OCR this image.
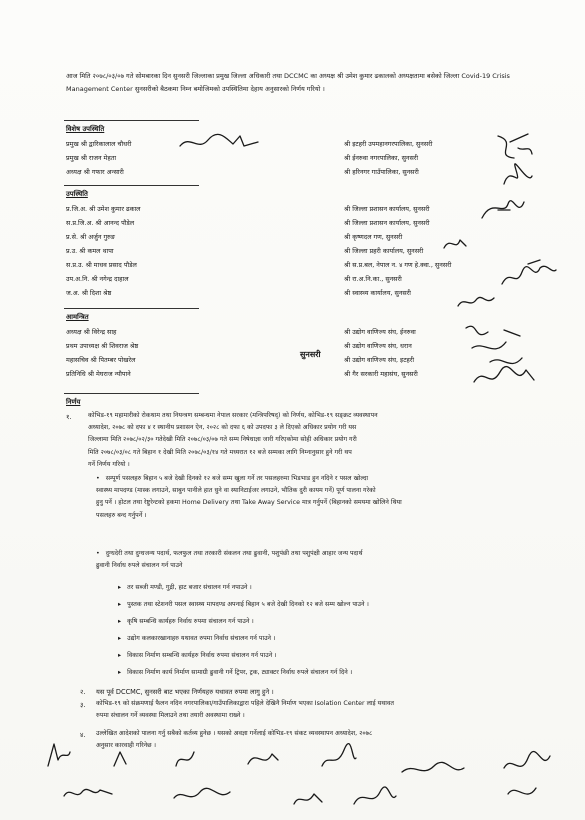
आज मिति २०७८/०३/०७ गते सोमबारका दिन सुनसरी जिल्लाका प्रमुख जिल्ला अधिकारी तथा DCCMC का अध्यक्ष श्री उमेश कुमार ढकालको अध्यक्षतामा बसेको जिल्ला Covid-19 Crisis Management Center सुनसरीको बैठकमा निम्न बमोजिमको उपस्थितिमा देहाय अनुसारको निर्णय गरियो ।
विशेष उपस्थिति
प्रमुख श्री द्वारिकालाल चौधरी	श्री इटहरी उपमहानगरपालिका, सुनसरी
प्रमुख श्री राजन मेहता	श्री ईनरुवा नगरपालिका, सुनसरी
अध्यक्ष श्री गफार अन्सारी	श्री हरिनगर गाउँपालिका, सुनसरी
उपस्थिति
प्र.जि.अ. श्री उमेश कुमार ढकाल	श्री जिल्ला प्रशासन कार्यालय, सुनसरी
स.प्र.जि.अ. श्री आनन्द पौडेल	श्री जिल्ला प्रशासन कार्यालय, सुनसरी
प्र.से. श्री अर्जुन गुरुङ	श्री कृष्णदल गण, सुनसरी
प्र.उ. श्री कमल थापा	श्री जिल्ला प्रहरी कार्यालय, सुनसरी
स.प्र.उ. श्री माधव प्रसाद पौडेल	श्री स.प्र.बल, नेपाल न. ४ गण हे.क्वा., सुनसरी
उप.अ.नि. श्री नगेन्द्र दाहाल	श्री रा.अ.नि.का., सुनसरी
ज.अ. श्री दिशा श्रेष्ठ	श्री स्वास्थ्य कार्यालय, सुनसरी
आमन्त्रित
अध्यक्ष श्री विरेन्द्र साह	श्री उद्योग वाणिज्य संघ, ईनरुवा
प्रथम उपाध्यक्ष श्री शिवराज श्रेष्ठ	श्री उद्योग वाणिज्य संघ, धरान
महासचिव श्री पितम्बर पोखरेल	श्री उद्योग वाणिज्य संघ, इटहरी
प्रतिनिधि श्री मेघराज न्यौपाने	श्री गैर सरकारी महासंघ, सुनसरी
सुनसरी
निर्णय
१.	कोभिड-१९ महामारीको रोकथाम तथा नियन्त्रण सम्बन्धमा नेपाल सरकार (मन्त्रिपरिषद्) को निर्णय, कोभिड-१९ सङ्क्रट व्यवस्थापन
अध्यादेश, २०७८ को दफा ४ र स्थानीय प्रशासन ऐन, २०२८ को दफा ६ को उपदफा ३ ले दिएको अधिकार प्रयोग गरी यस
जिल्लामा मिति २०७८/०२/३० गतेदेखी मिति २०७८/०३/०७ गते सम्म निषेधाज्ञा जारी गरिएकोमा सोही अधिकार प्रयोग गरी
मिति २०७८/०३/०८ गते बिहान १ देखी मिति २०७८/०३/१४ गते मध्यरात १२ बजे सम्मका लागि निम्नानुसार हुने गरी थप
गर्ने निर्णय गरियो ।
• सम्पूर्ण पसलहरु बिहान ५ बजे देखी दिनको १२ बजे सम्म खुला गर्ने तर पसलहरुमा भिडभाड हुन नदिने र पसल खोल्दा
स्वास्थ्य मापदण्ड (मास्क लगाउने, साबुन पानीले हात धुने वा स्यानिटाईजर लगाउने, भौतिक दुरी कायम गर्ने) पूर्ण पालना गरेको
हुनु पर्ने । होटल तथा रेष्टुरेन्टको हकमा Home Delivery तथा Take Away Service मात्र गर्नुपर्ने (बिहानको समयमा खोलिने थिया
पसलहरु बन्द गर्नुपर्ने ।
• दुग्धदेरी तथा दुग्धजन्य पदार्थ, फलफुल तथा तरकारी संकलन तथा ढुवानी, पशुपंछी तथा पशुपंक्षी आहार जन्य पदार्थ
ढुवानी निर्वाध रुपले संचालन गर्न पाउने
▸ तर सब्जी मण्डी, गुद्री, हाट बजार संचालन गर्न नपाउने ।
▸ पुस्तक तथा स्टेशनरी पसल स्वास्थ्य मापदण्ड अपनाई बिहान ५ बजे देखी दिनको १२ बजे सम्म खोल्न पाउने ।
▸ कृषि सम्बन्धि कार्यहरु निर्वाध रुपमा संचालन गर्न पाउने ।
▸ उद्योग कलकारखानाहरु यथावत रुपमा निर्वाध संचालन गर्न पाउने ।
▸ विकास निर्माण सम्बन्धि कार्यहरु निर्वाध रुपमा संचालन गर्न पाउने ।
▸ विकास निर्माण कार्य निर्माण सामाग्री ढुवानी गर्ने ट्रिपर, ट्रक, ट्याक्टर निर्वाध रुपले संचालन गर्न दिने ।
२. यस पूर्व DCCMC, सुनसरी बाट भएका निर्णयहरु यथावत रुपमा लागु हुने ।
३. कोभिड-१९ को संक्रमणाई फैलन नदिन नगरपालिका/गाउँपालिकाद्वारा पहिले देखिनै निर्माण भएका Isolation Center लाई यथावत
रुपमा संचालन गर्ने व्यवस्था मिलाउने तथा तयारी अवस्थामा राख्ने ।
४. उल्लेखित आदेशको पालना गर्नु सबैको कर्तव्य हुनेछ । यसको अवज्ञा गर्नेलाई कोभिड-१९ संकट व्यवस्थापन अध्यादेश, २०७८
अनुसार कारवाही गरिनेछ ।
